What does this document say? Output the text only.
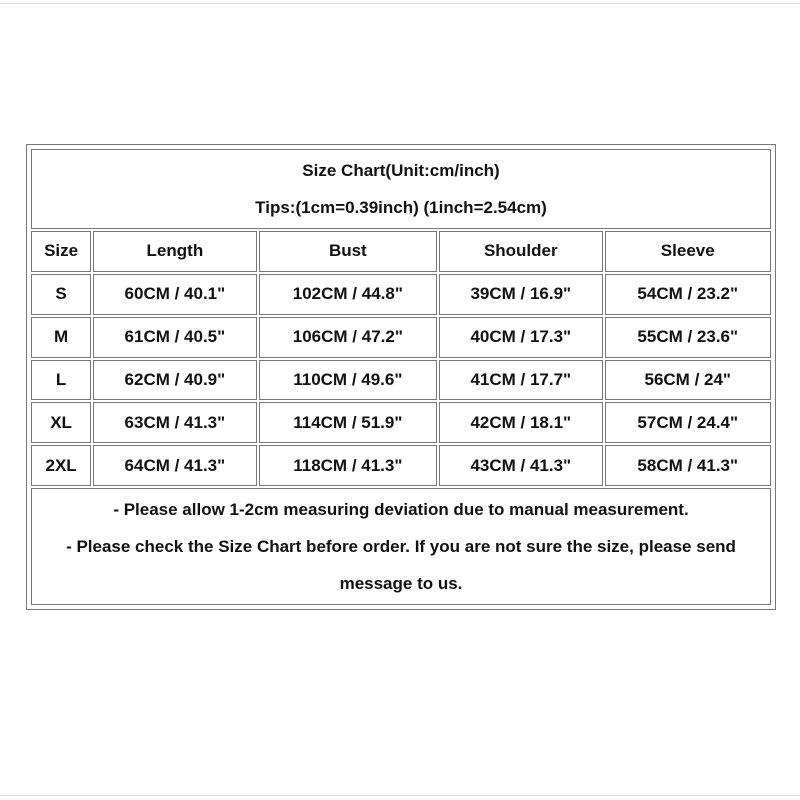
Size Chart(Unit:cm/inch)
Tips:(1cm=0.39inch) (1inch=2.54cm)				

Size	Length	Bust	Shoulder	Sleeve
S	60CM / 40.1"	102CM / 44.8"	39CM / 16.9"	54CM / 23.2"
M	61CM / 40.5"	106CM / 47.2"	40CM / 17.3"	55CM / 23.6"
L	62CM / 40.9"	110CM / 49.6"	41CM / 17.7"	56CM / 24"
XL	63CM / 41.3"	114CM / 51.9"	42CM / 18.1"	57CM / 24.4"
2XL	64CM / 41.3"	118CM / 41.3"	43CM / 41.3"	58CM / 41.3"

- Please allow 1-2cm measuring deviation due to manual measurement.
- Please check the Size Chart before order. If you are not sure the size, please send
message to us.				
